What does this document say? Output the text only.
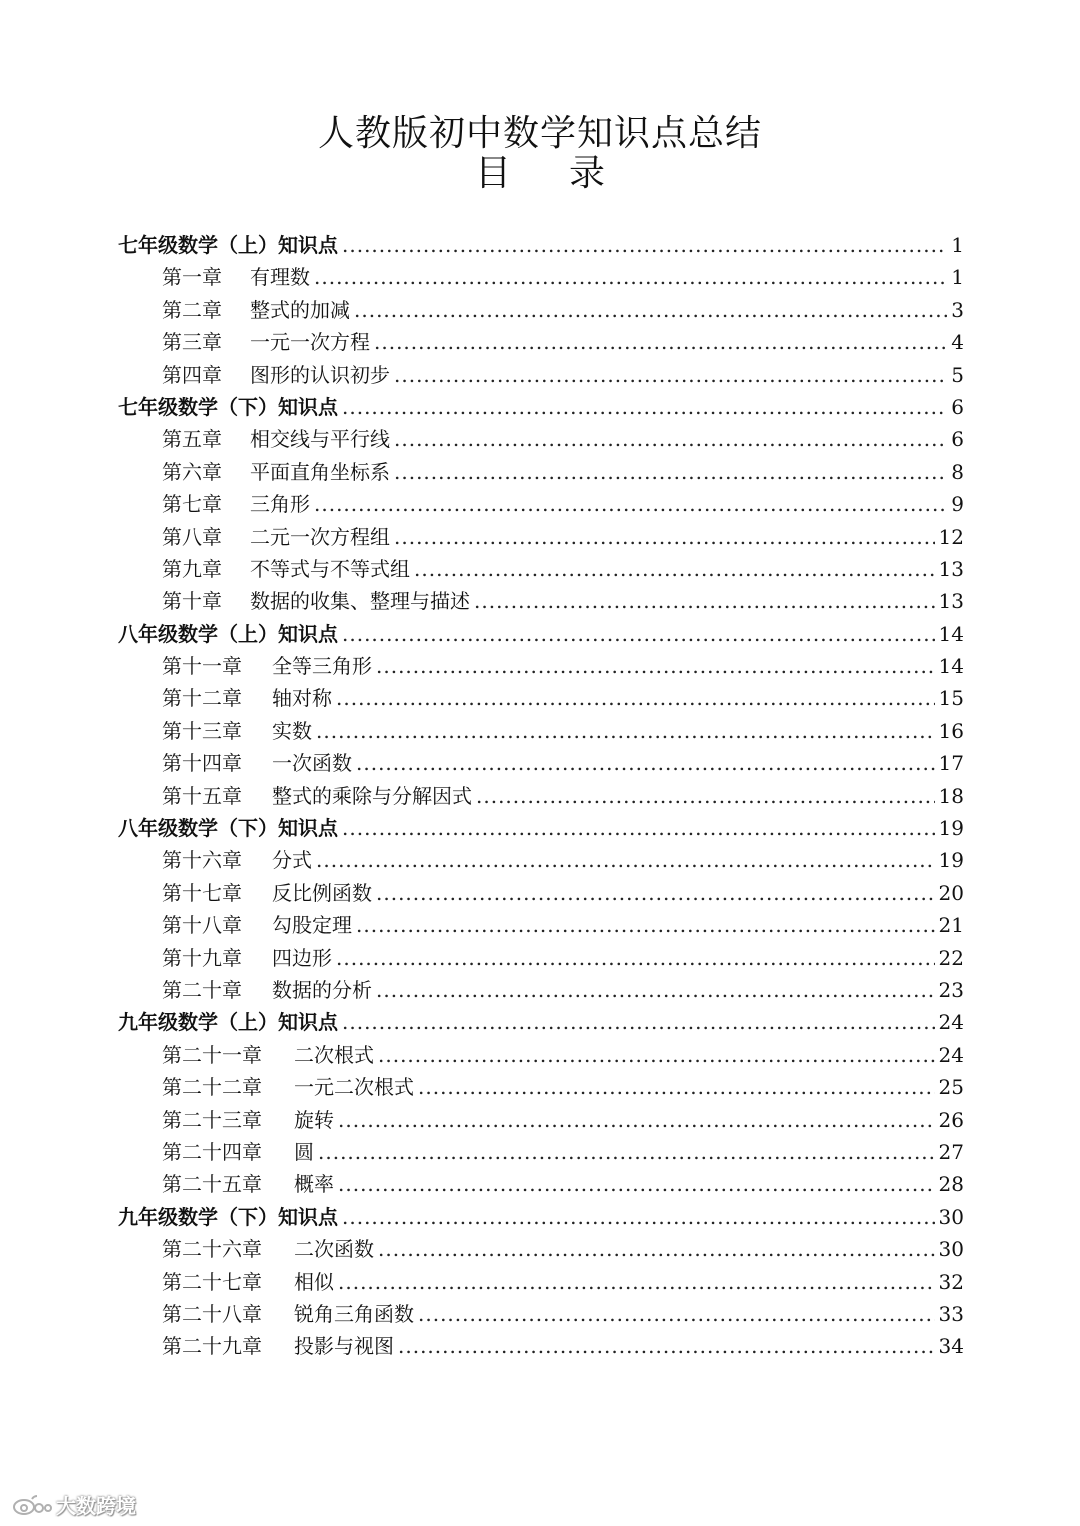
人教版初中数学知识点总结
目 录
七年级数学（上）知识点 .....	1
第一章	有理数 .....	1
第二章	整式的加减 .....	3
第三章	一元一次方程 .....	4
第四章	图形的认识初步 .....	5
七年级数学（下）知识点 .....	6
第五章	相交线与平行线 .....	6
第六章	平面直角坐标系 .....	8
第七章	三角形 .....	9
第八章	二元一次方程组 .....	12
第九章	不等式与不等式组 .....	13
第十章	数据的收集、整理与描述 .....	13
八年级数学（上）知识点 .....	14
第十一章	全等三角形 .....	14
第十二章	轴对称 .....	15
第十三章	实数 .....	16
第十四章	一次函数 .....	17
第十五章	整式的乘除与分解因式 .....	18
八年级数学（下）知识点 .....	19
第十六章	分式 .....	19
第十七章	反比例函数 .....	20
第十八章	勾股定理 .....	21
第十九章	四边形 .....	22
第二十章	数据的分析 .....	23
九年级数学（上）知识点 .....	24
第二十一章	二次根式 .....	24
第二十二章	一元二次根式 .....	25
第二十三章	旋转 .....	26
第二十四章	圆 .....	27
第二十五章	概率 .....	28
九年级数学（下）知识点 .....	30
第二十六章	二次函数 .....	30
第二十七章	相似 .....	32
第二十八章	锐角三角函数 .....	33
第二十九章	投影与视图 .....	34
大数跨境
